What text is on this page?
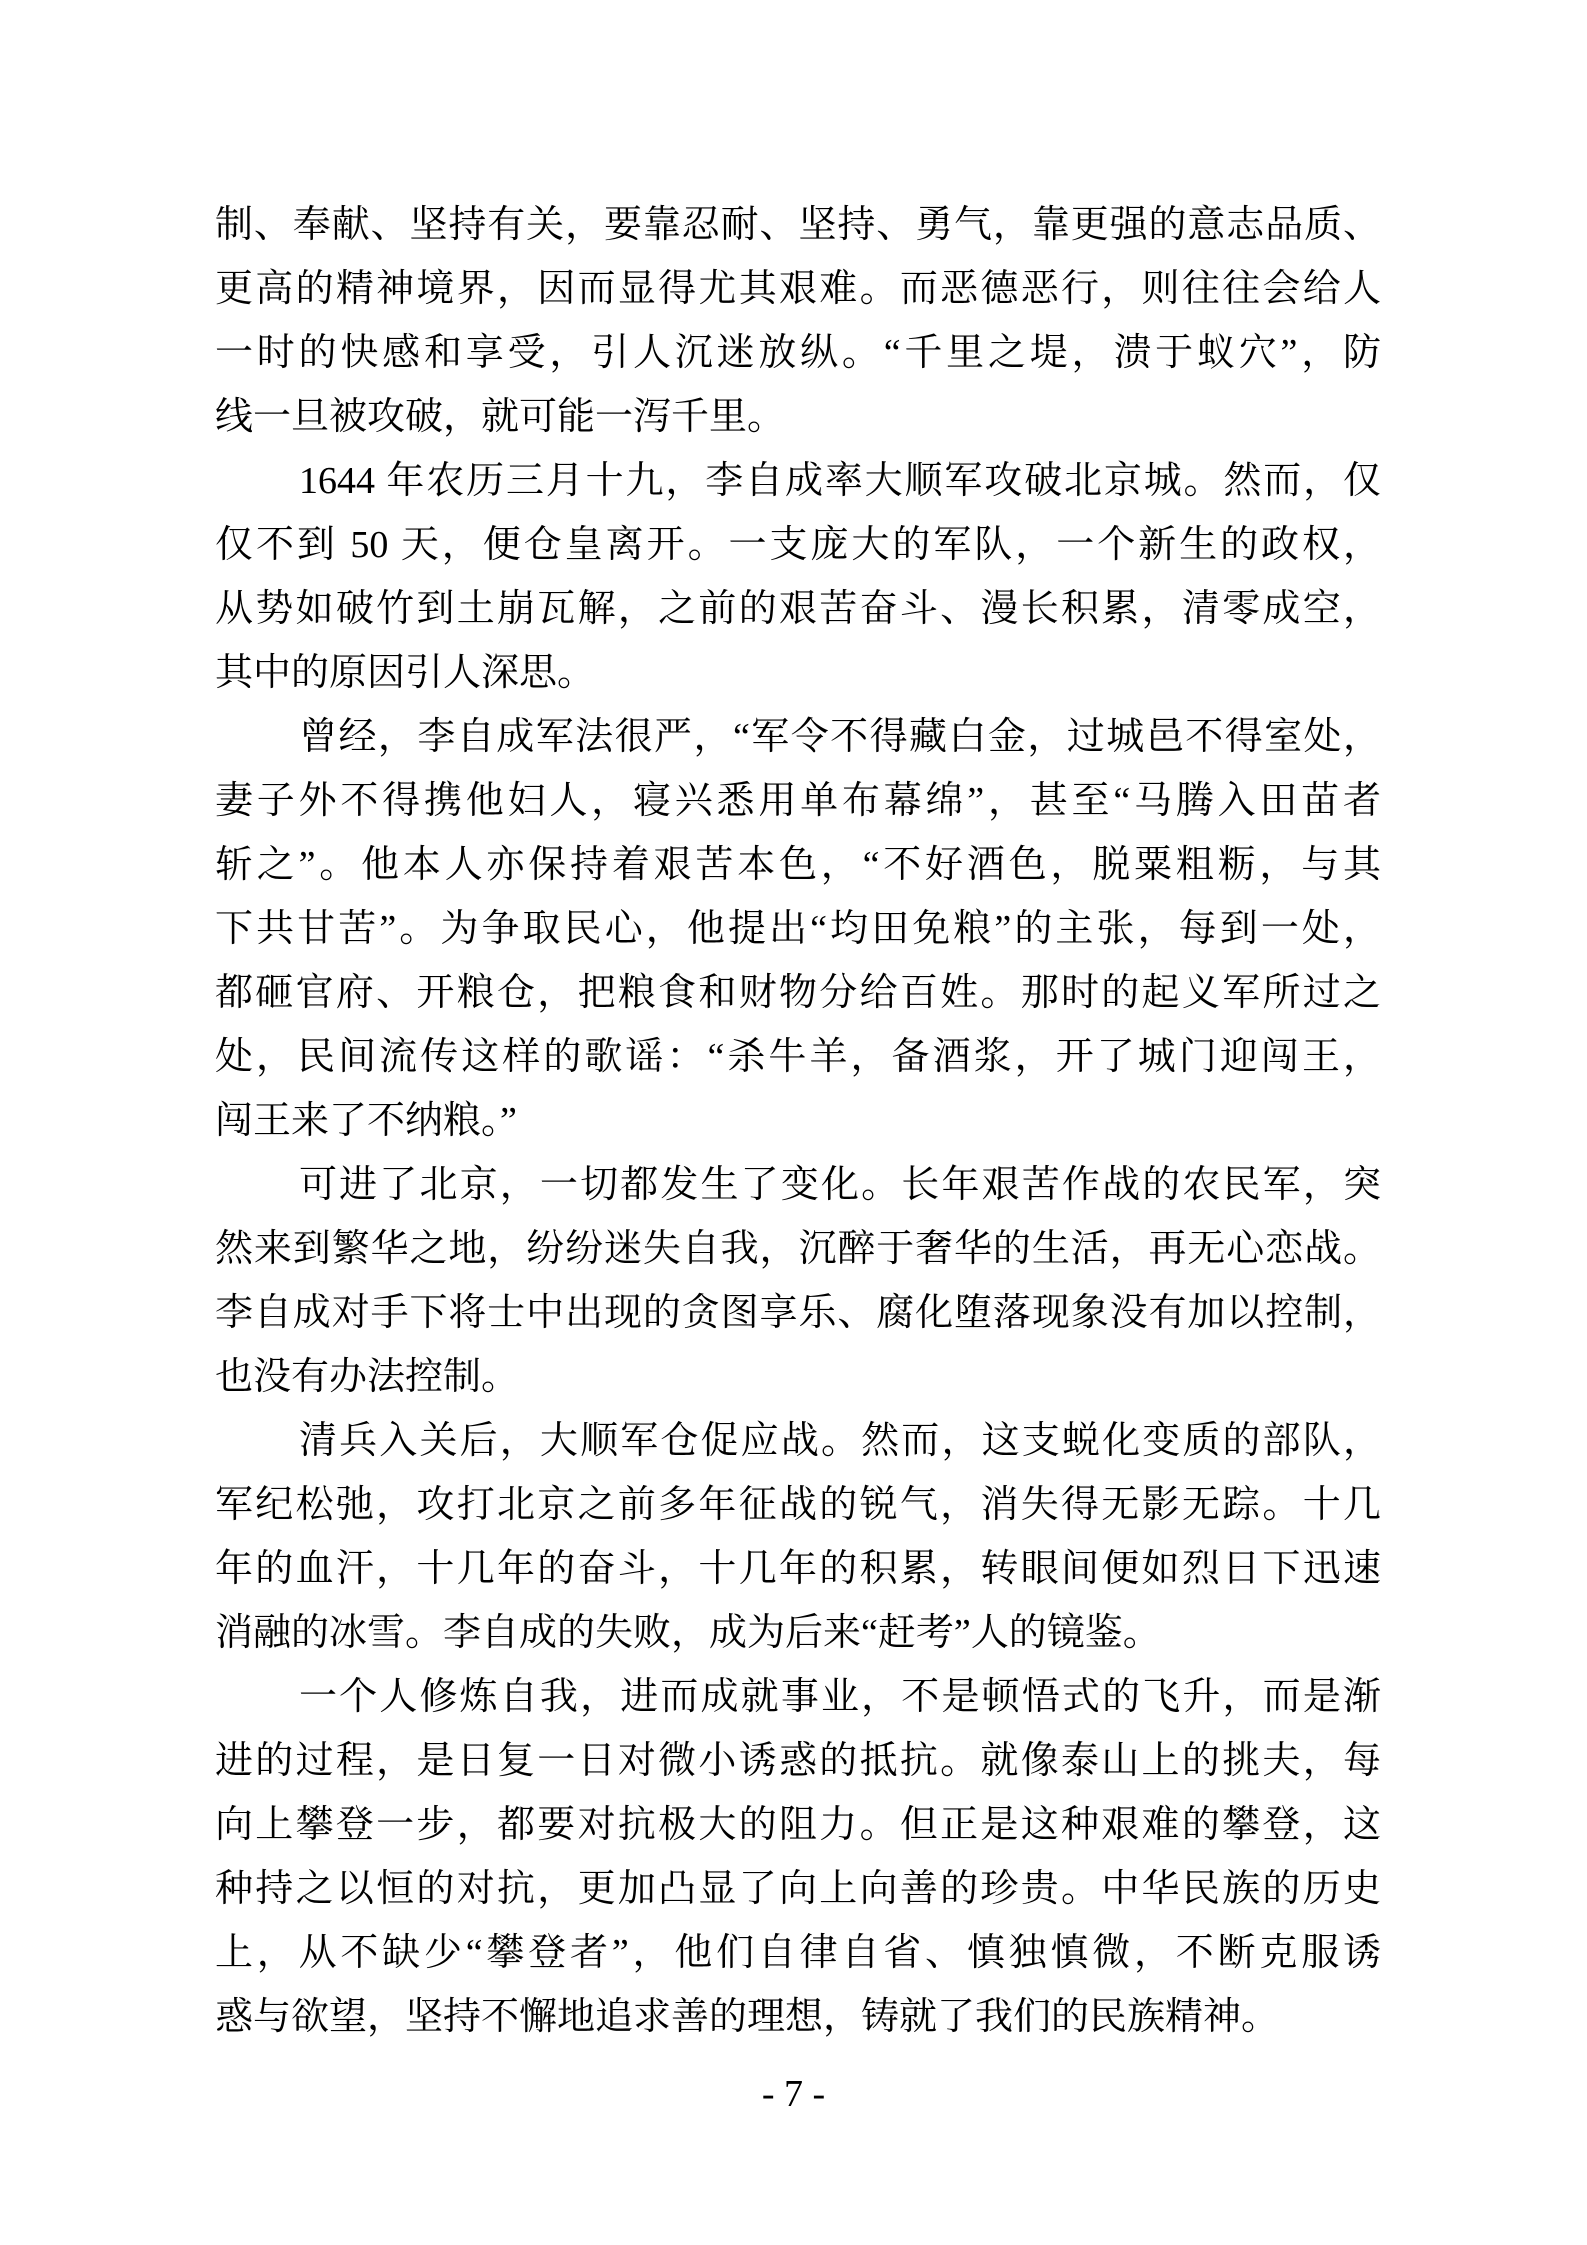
制、奉献、坚持有关，要靠忍耐、坚持、勇气，靠更强的意志品质、
更高的精神境界，因而显得尤其艰难。而恶德恶行，则往往会给人
一时的快感和享受，引人沉迷放纵。“千里之堤，溃于蚁穴”，防
线一旦被攻破，就可能一泻千里。
1644 年农历三月十九，李自成率大顺军攻破北京城。然而，仅
仅不到 50 天，便仓皇离开。一支庞大的军队，一个新生的政权，
从势如破竹到土崩瓦解，之前的艰苦奋斗、漫长积累，清零成空，
其中的原因引人深思。
曾经，李自成军法很严，“军令不得藏白金，过城邑不得室处，
妻子外不得携他妇人，寝兴悉用单布幕绵”，甚至“马腾入田苗者
斩之”。他本人亦保持着艰苦本色，“不好酒色，脱粟粗粝，与其
下共甘苦”。为争取民心，他提出“均田免粮”的主张，每到一处，
都砸官府、开粮仓，把粮食和财物分给百姓。那时的起义军所过之
处，民间流传这样的歌谣：“杀牛羊，备酒浆，开了城门迎闯王，
闯王来了不纳粮。”
可进了北京，一切都发生了变化。长年艰苦作战的农民军，突
然来到繁华之地，纷纷迷失自我，沉醉于奢华的生活，再无心恋战。
李自成对手下将士中出现的贪图享乐、腐化堕落现象没有加以控制，
也没有办法控制。
清兵入关后，大顺军仓促应战。然而，这支蜕化变质的部队，
军纪松弛，攻打北京之前多年征战的锐气，消失得无影无踪。十几
年的血汗，十几年的奋斗，十几年的积累，转眼间便如烈日下迅速
消融的冰雪。李自成的失败，成为后来“赶考”人的镜鉴。
一个人修炼自我，进而成就事业，不是顿悟式的飞升，而是渐
进的过程，是日复一日对微小诱惑的抵抗。就像泰山上的挑夫，每
向上攀登一步，都要对抗极大的阻力。但正是这种艰难的攀登，这
种持之以恒的对抗，更加凸显了向上向善的珍贵。中华民族的历史
上，从不缺少“攀登者”，他们自律自省、慎独慎微，不断克服诱
惑与欲望，坚持不懈地追求善的理想，铸就了我们的民族精神。
- 7 -
